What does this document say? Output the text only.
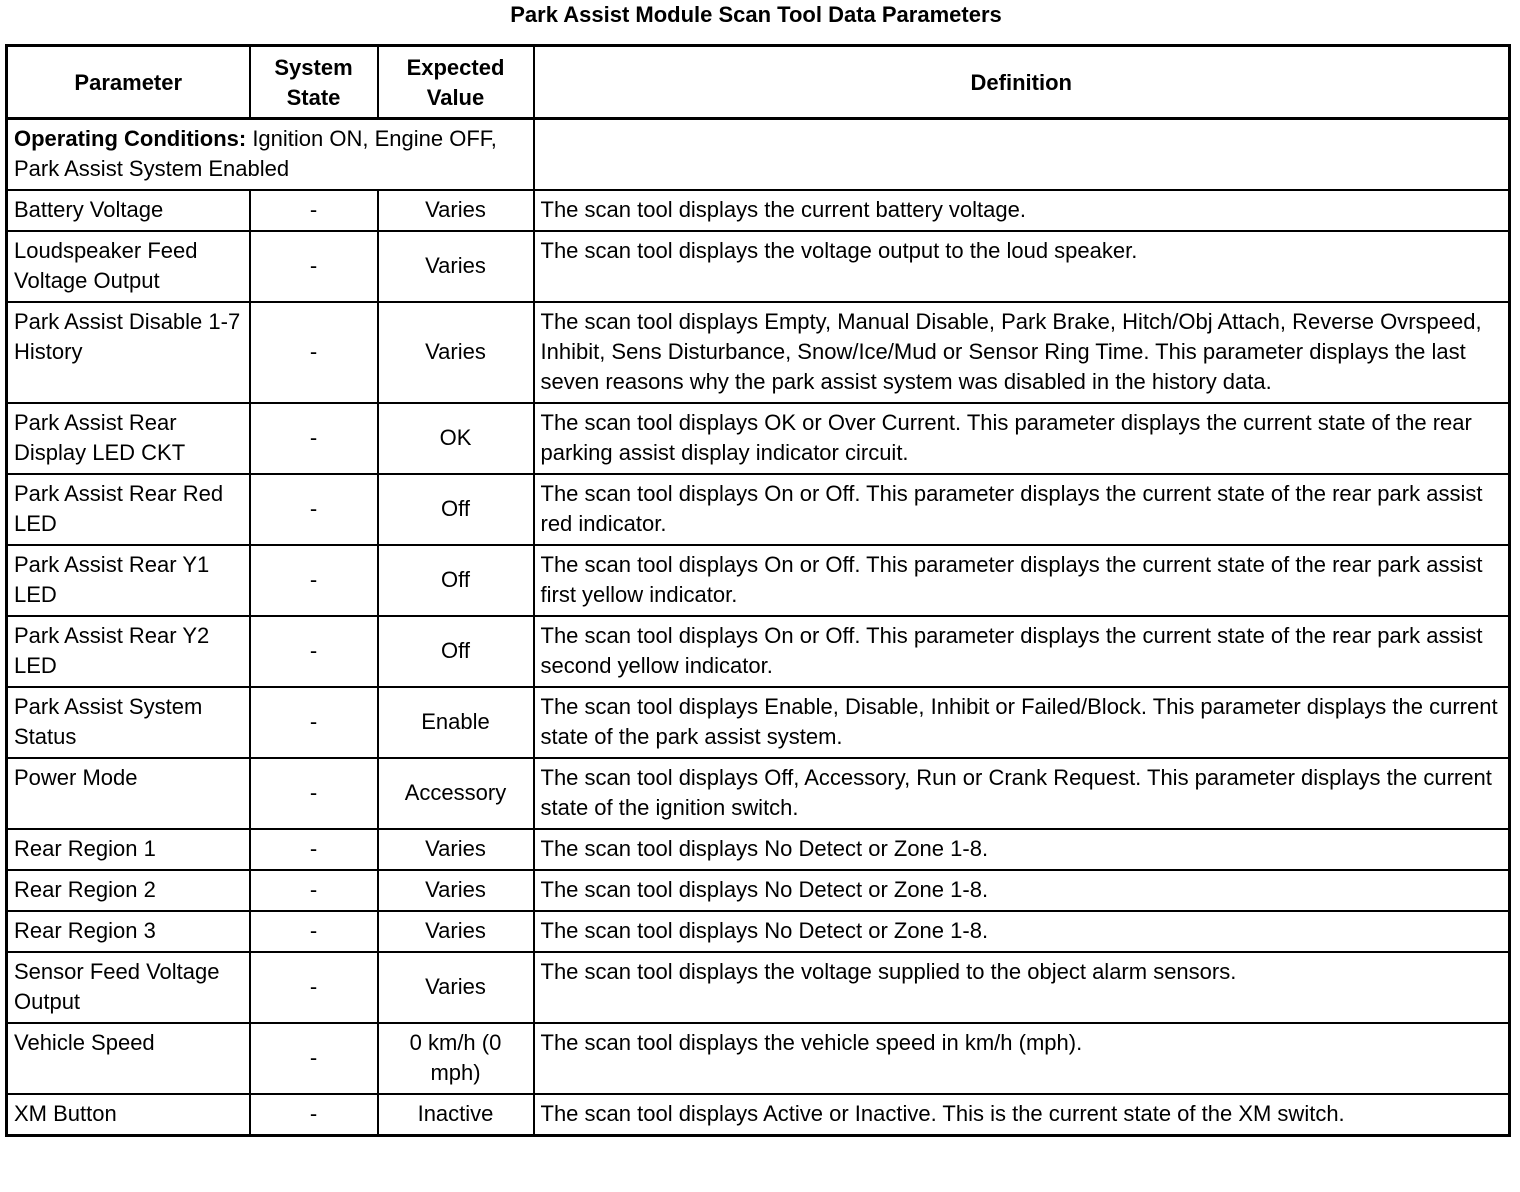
Park Assist Module Scan Tool Data Parameters
Parameter	System State	Expected Value	Definition
Operating Conditions: Ignition ON, Engine OFF, Park Assist System Enabled			
Battery Voltage	-	Varies	The scan tool displays the current battery voltage.
Loudspeaker Feed Voltage Output	-	Varies	The scan tool displays the voltage output to the loud speaker.
Park Assist Disable 1-7 History	-	Varies	The scan tool displays Empty, Manual Disable, Park Brake, Hitch/Obj Attach, Reverse Ovrspeed, Inhibit, Sens Disturbance, Snow/Ice/Mud or Sensor Ring Time. This parameter displays the last seven reasons why the park assist system was disabled in the history data.
Park Assist Rear Display LED CKT	-	OK	The scan tool displays OK or Over Current. This parameter displays the current state of the rear parking assist display indicator circuit.
Park Assist Rear Red LED	-	Off	The scan tool displays On or Off. This parameter displays the current state of the rear park assist red indicator.
Park Assist Rear Y1 LED	-	Off	The scan tool displays On or Off. This parameter displays the current state of the rear park assist first yellow indicator.
Park Assist Rear Y2 LED	-	Off	The scan tool displays On or Off. This parameter displays the current state of the rear park assist second yellow indicator.
Park Assist System Status	-	Enable	The scan tool displays Enable, Disable, Inhibit or Failed/Block. This parameter displays the current state of the park assist system.
Power Mode	-	Accessory	The scan tool displays Off, Accessory, Run or Crank Request. This parameter displays the current state of the ignition switch.
Rear Region 1	-	Varies	The scan tool displays No Detect or Zone 1-8.
Rear Region 2	-	Varies	The scan tool displays No Detect or Zone 1-8.
Rear Region 3	-	Varies	The scan tool displays No Detect or Zone 1-8.
Sensor Feed Voltage Output	-	Varies	The scan tool displays the voltage supplied to the object alarm sensors.
Vehicle Speed	-	0 km/h (0 mph)	The scan tool displays the vehicle speed in km/h (mph).
XM Button	-	Inactive	The scan tool displays Active or Inactive. This is the current state of the XM switch.
